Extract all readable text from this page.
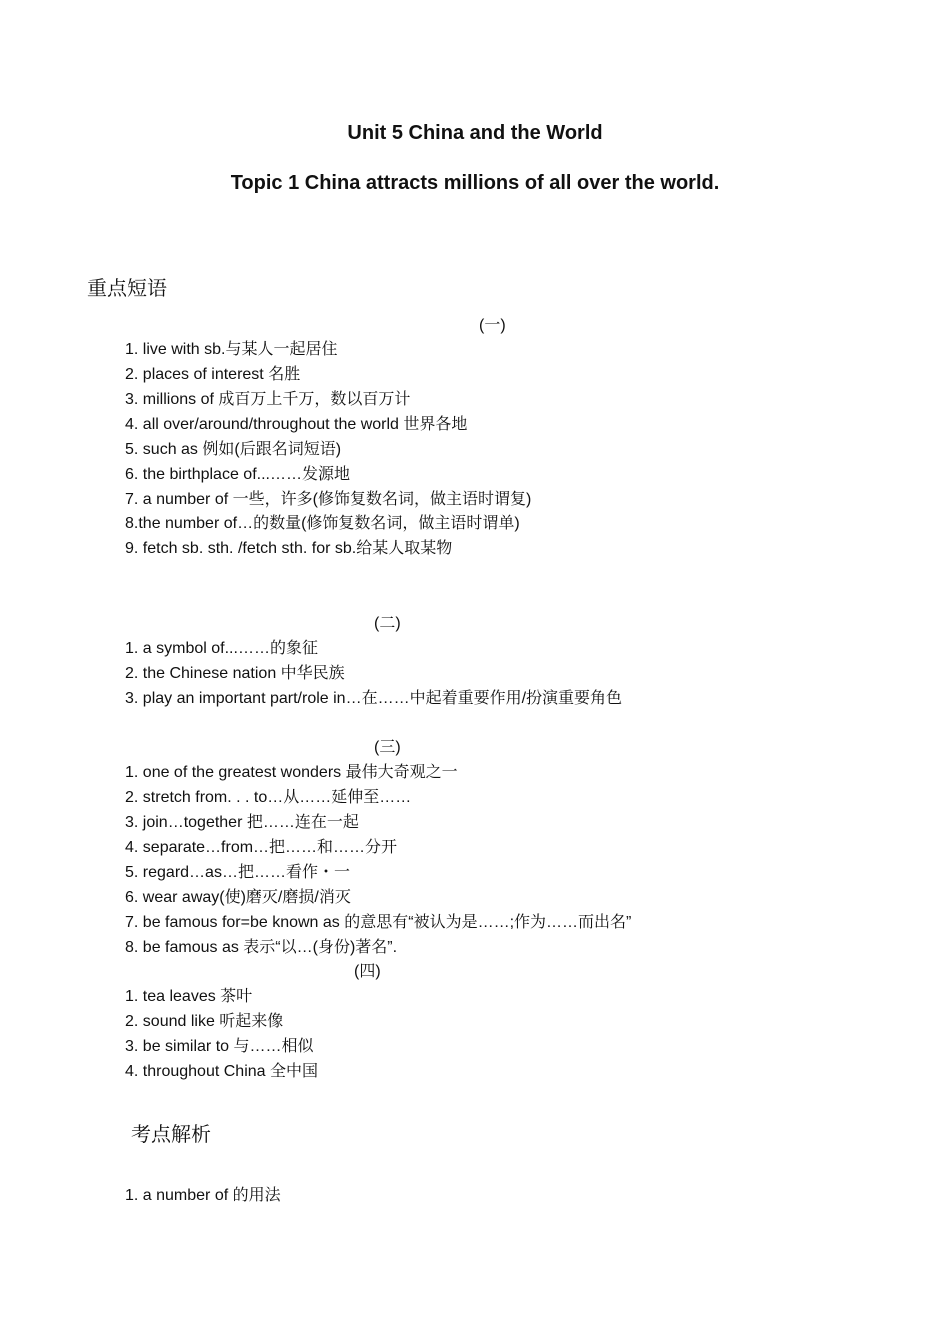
Unit 5 China and the World
Topic 1 China attracts millions of all over the world.
重点短语
(一)
1. live with sb.与某人一起居住
2. places of interest 名胜
3. millions of 成百万上千万，数以百万计
4. all over/around/throughout the world 世界各地
5. such as 例如(后跟名词短语)
6. the birthplace of...……发源地
7. a number of 一些，许多(修饰复数名词，做主语时谓复)
8.the number of…的数量(修饰复数名词，做主语时谓单)
9. fetch sb. sth. /fetch sth. for sb.给某人取某物
(二)
1. a symbol of...……的象征
2. the Chinese nation 中华民族
3. play an important part/role in…在……中起着重要作用/扮演重要角色
(三)
1. one of the greatest wonders 最伟大奇观之一
2. stretch from. . . to…从……延伸至……
3. join…together 把……连在一起
4. separate…from…把……和……分开
5. regard…as…把……看作・一
6. wear away(使)磨灭/磨损/消灭
7. be famous for=be known as 的意思有“被认为是……;作为……而出名”
8. be famous as 表示“以…(身份)著名”.
(四)
1. tea leaves 茶叶
2. sound like 听起来像
3. be similar to 与……相似
4. throughout China 全中国
考点解析
1. a number of 的用法
